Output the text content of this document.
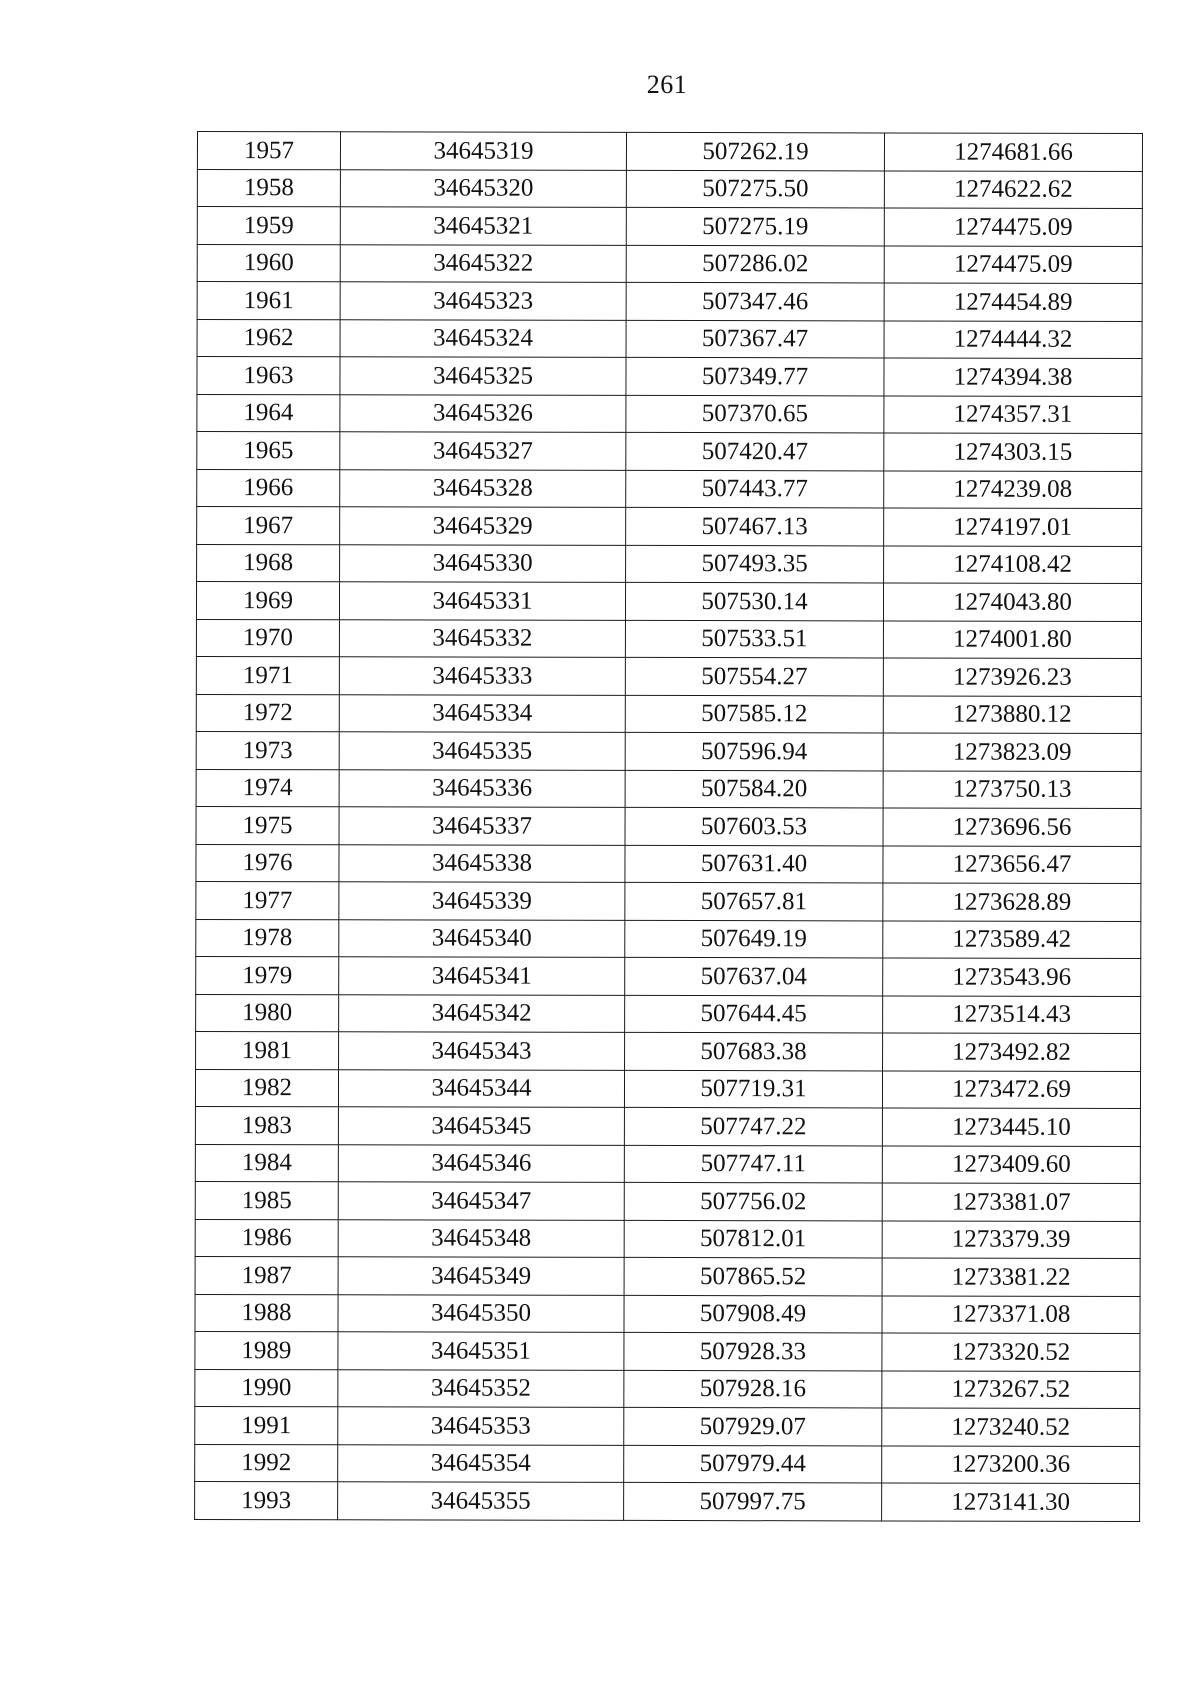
261
1957	34645319	507262.19	1274681.66
1958	34645320	507275.50	1274622.62
1959	34645321	507275.19	1274475.09
1960	34645322	507286.02	1274475.09
1961	34645323	507347.46	1274454.89
1962	34645324	507367.47	1274444.32
1963	34645325	507349.77	1274394.38
1964	34645326	507370.65	1274357.31
1965	34645327	507420.47	1274303.15
1966	34645328	507443.77	1274239.08
1967	34645329	507467.13	1274197.01
1968	34645330	507493.35	1274108.42
1969	34645331	507530.14	1274043.80
1970	34645332	507533.51	1274001.80
1971	34645333	507554.27	1273926.23
1972	34645334	507585.12	1273880.12
1973	34645335	507596.94	1273823.09
1974	34645336	507584.20	1273750.13
1975	34645337	507603.53	1273696.56
1976	34645338	507631.40	1273656.47
1977	34645339	507657.81	1273628.89
1978	34645340	507649.19	1273589.42
1979	34645341	507637.04	1273543.96
1980	34645342	507644.45	1273514.43
1981	34645343	507683.38	1273492.82
1982	34645344	507719.31	1273472.69
1983	34645345	507747.22	1273445.10
1984	34645346	507747.11	1273409.60
1985	34645347	507756.02	1273381.07
1986	34645348	507812.01	1273379.39
1987	34645349	507865.52	1273381.22
1988	34645350	507908.49	1273371.08
1989	34645351	507928.33	1273320.52
1990	34645352	507928.16	1273267.52
1991	34645353	507929.07	1273240.52
1992	34645354	507979.44	1273200.36
1993	34645355	507997.75	1273141.30
